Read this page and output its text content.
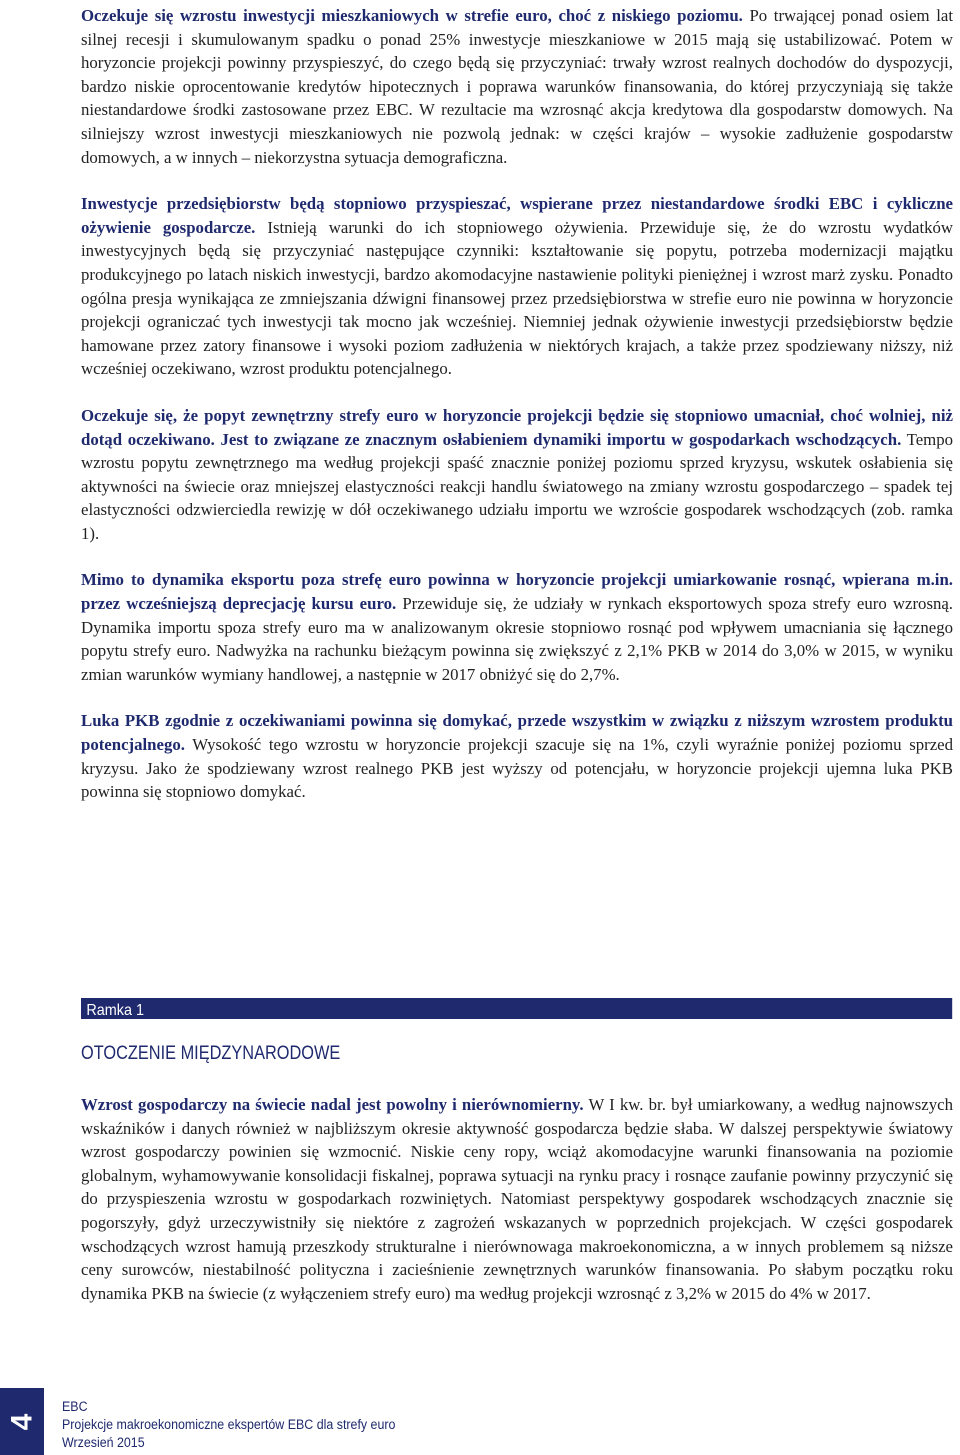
Oczekuje się wzrostu inwestycji mieszkaniowych w strefie euro, choć z niskiego poziomu. Po trwającej ponad osiem lat silnej recesji i skumulowanym spadku o ponad 25% inwestycje mieszkaniowe w 2015 mają się ustabilizować. Potem w horyzoncie projekcji powinny przyspieszyć, do czego będą się przyczyniać: trwały wzrost realnych dochodów do dyspozycji, bardzo niskie oprocentowanie kredytów hipotecznych i poprawa warunków finansowania, do której przyczyniają się także niestandardowe środki zastosowane przez EBC. W rezultacie ma wzrosnąć akcja kredytowa dla gospodarstw domowych. Na silniejszy wzrost inwestycji mieszkaniowych nie pozwolą jednak: w części krajów – wysokie zadłużenie gospodarstw domowych, a w innych – niekorzystna sytuacja demograficzna.

Inwestycje przedsiębiorstw będą stopniowo przyspieszać, wspierane przez niestandardowe środki EBC i cykliczne ożywienie gospodarcze. Istnieją warunki do ich stopniowego ożywienia. Przewiduje się, że do wzrostu wydatków inwestycyjnych będą się przyczyniać następujące czynniki: kształtowanie się popytu, potrzeba modernizacji majątku produkcyjnego po latach niskich inwestycji, bardzo akomodacyjne nastawienie polityki pieniężnej i wzrost marż zysku. Ponadto ogólna presja wynikająca ze zmniejszania dźwigni finansowej przez przedsiębiorstwa w strefie euro nie powinna w horyzoncie projekcji ograniczać tych inwestycji tak mocno jak wcześniej. Niemniej jednak ożywienie inwestycji przedsiębiorstw będzie hamowane przez zatory finansowe i wysoki poziom zadłużenia w niektórych krajach, a także przez spodziewany niższy, niż wcześniej oczekiwano, wzrost produktu potencjalnego.

Oczekuje się, że popyt zewnętrzny strefy euro w horyzoncie projekcji będzie się stopniowo umacniał, choć wolniej, niż dotąd oczekiwano. Jest to związane ze znacznym osłabieniem dynamiki importu w gospodarkach wschodzących. Tempo wzrostu popytu zewnętrznego ma według projekcji spaść znacznie poniżej poziomu sprzed kryzysu, wskutek osłabienia się aktywności na świecie oraz mniejszej elastyczności reakcji handlu światowego na zmiany wzrostu gospodarczego – spadek tej elastyczności odzwierciedla rewizję w dół oczekiwanego udziału importu we wzroście gospodarek wschodzących (zob. ramka 1).

Mimo to dynamika eksportu poza strefę euro powinna w horyzoncie projekcji umiarkowanie rosnąć, wpierana m.in. przez wcześniejszą deprecjację kursu euro. Przewiduje się, że udziały w rynkach eksportowych spoza strefy euro wzrosną. Dynamika importu spoza strefy euro ma w analizowanym okresie stopniowo rosnąć pod wpływem umacniania się łącznego popytu strefy euro. Nadwyżka na rachunku bieżącym powinna się zwiększyć z 2,1% PKB w 2014 do 3,0% w 2015, w wyniku zmian warunków wymiany handlowej, a następnie w 2017 obniżyć się do 2,7%.

Luka PKB zgodnie z oczekiwaniami powinna się domykać, przede wszystkim w związku z niższym wzrostem produktu potencjalnego. Wysokość tego wzrostu w horyzoncie projekcji szacuje się na 1%, czyli wyraźnie poniżej poziomu sprzed kryzysu. Jako że spodziewany wzrost realnego PKB jest wyższy od potencjału, w horyzoncie projekcji ujemna luka PKB powinna się stopniowo domykać.

Ramka 1
OTOCZENIE MIĘDZYNARODOWE

Wzrost gospodarczy na świecie nadal jest powolny i nierównomierny. W I kw. br. był umiarkowany, a według najnowszych wskaźników i danych również w najbliższym okresie aktywność gospodarcza będzie słaba. W dalszej perspektywie światowy wzrost gospodarczy powinien się wzmocnić. Niskie ceny ropy, wciąż akomodacyjne warunki finansowania na poziomie globalnym, wyhamowywanie konsolidacji fiskalnej, poprawa sytuacji na rynku pracy i rosnące zaufanie powinny przyczynić się do przyspieszenia wzrostu w gospodarkach rozwiniętych. Natomiast perspektywy gospodarek wschodzących znacznie się pogorszyły, gdyż urzeczywistniły się niektóre z zagrożeń wskazanych w poprzednich projekcjach. W części gospodarek wschodzących wzrost hamują przeszkody strukturalne i nierównowaga makroekonomiczna, a w innych problemem są niższe ceny surowców, niestabilność polityczna i zacieśnienie zewnętrznych warunków finansowania. Po słabym początku roku dynamika PKB na świecie (z wyłączeniem strefy euro) ma według projekcji wzrosnąć z 3,2% w 2015 do 4% w 2017.

4
EBC
Projekcje makroekonomiczne ekspertów EBC dla strefy euro
Wrzesień 2015
